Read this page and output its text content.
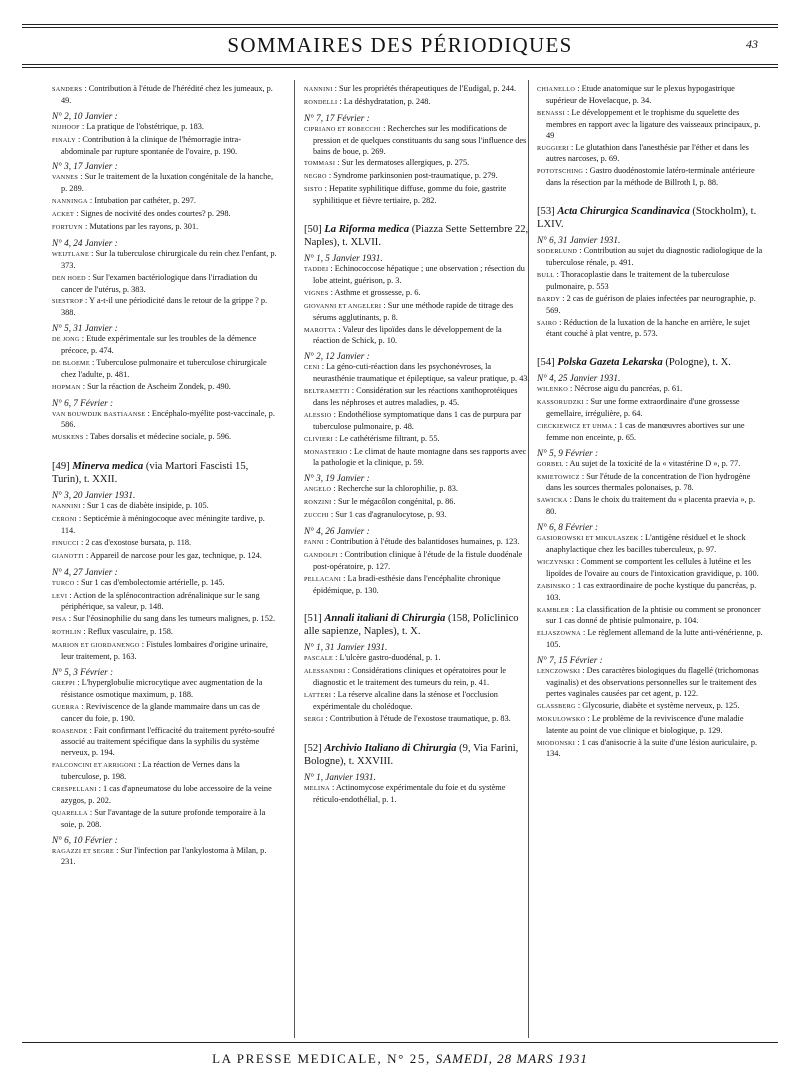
SOMMAIRES DES PÉRIODIQUES	43
SANDERS : Contribution à l'étude de l'hérédité chez les jumeaux, p. 49.
N° 2, 10 Janvier :
NIJHOOF : La pratique de l'obstétrique, p. 183.
FINALY : Contribution à la clinique de l'hémorragie intra-abdominale par rupture spontanée de l'ovaire, p. 190.
N° 3, 17 Janvier :
VANNES : Sur le traitement de la luxation congénitale de la hanche, p. 289.
NANNINGA : Intubation par cathéter, p. 297.
ACKET : Signes de nocivité des ondes courtes? p. 298.
FORTUYN : Mutations par les rayons, p. 301.
N° 4, 24 Janvier :
WEIJTLANE : Sur la tuberculose chirurgicale du rein chez l'enfant, p. 373.
DEN HOED : Sur l'examen bactériologique dans l'irradiation du cancer de l'utérus, p. 383.
SIESTROP : Y a-t-il une périodicité dans le retour de la grippe ? p. 388.
N° 5, 31 Janvier :
DE JONG : Etude expérimentale sur les troubles de la démence précoce, p. 474.
DE BLOEME : Tuberculose pulmonaire et tuberculose chirurgicale chez l'adulte, p. 481.
HOPMAN : Sur la réaction de Ascheim Zondek, p. 490.
N° 6, 7 Février :
VAN BOUWDIJK BASTIAANSE : Encéphalo-myélite post-vaccinale, p. 586.
MUSKENS : Tabes dorsalis et médecine sociale, p. 596.
[49] Minerva medica (via Martori Fascisti 15, Turin), t. XXII.
N° 3, 20 Janvier 1931.
NANNINI : Sur 1 cas de diabète insipide, p. 105.
CERONI : Septicémie à méningocoque avec méningite tardive, p. 114.
FINUCCI : 2 cas d'exostose bursata, p. 118.
GIANOTTI : Appareil de narcose pour les gaz, technique, p. 124.
N° 4, 27 Janvier :
TURCO : Sur 1 cas d'embolectomie artérielle, p. 145.
LEVI : Action de la splénocontraction adrénalinique sur le sang périphérique, sa valeur, p. 148.
PISA : Sur l'éosinophilie du sang dans les tumeurs malignes, p. 152.
ROTHLIN : Reflux vasculaire, p. 158.
MARION ET GIORDANENGO : Fistules lombaires d'origine urinaire, leur traitement, p. 163.
N° 5, 3 Février :
GREPPI : L'hyperglobulie microcytique avec augmentation de la résistance osmotique maximum, p. 188.
GUERRA : Reviviscence de la glande mammaire dans un cas de cancer du foie, p. 190.
ROASENDE : Fait confirmant l'efficacité du traitement pyréto-soufré associé au traitement spécifique dans la syphilis du système nerveux, p. 194.
FALCONCINI ET ARRIGONI : La réaction de Vernes dans la tuberculose, p. 198.
CRESPELLANI : 1 cas d'apneumatose du lobe accessoire de la veine azygos, p. 202.
QUARELLA : Sur l'avantage de la suture profonde temporaire à la soie, p. 208.
N° 6, 10 Février :
RAGAZZI ET SEGRE : Sur l'infection par l'ankylostoma à Milan, p. 231.
NANNINI : Sur les propriétés thérapeutiques de l'Eudigal, p. 244.
RONDELLI : La déshydratation, p. 248.
N° 7, 17 Février :
CIPRIANO ET ROBECCHI : Recherches sur les modifications de pression et de quelques constituants du sang sous l'influence des bains de boue, p. 269.
TOMMASI : Sur les dermatoses allergiques, p. 275.
NEGRO : Syndrome parkinsonien post-traumatique, p. 279.
SISTO : Hepatite syphilitique diffuse, gomme du foie, gastrite syphilitique et fièvre tertiaire, p. 282.
[50] La Riforma medica (Piazza Sette Settembre 22, Naples), t. XLVII.
N° 1, 5 Janvier 1931.
TADDEI : Echinococcose hépatique ; une observation ; résection du lobe atteint, guérison, p. 3.
VIGNES : Asthme et grossesse, p. 6.
GIOVANNI ET ANGELERI : Sur une méthode rapide de titrage des sérums agglutinants, p. 8.
MAROTTA : Valeur des lipoïdes dans le développement de la réaction de Schick, p. 10.
N° 2, 12 Janvier :
CENI : La géno-cuti-réaction dans les psychonévroses, la neurasthénie traumatique et épileptique, sa valeur pratique, p. 43.
BELTRAMETTI : Considération sur les réactions xanthoprotéiques dans les néphroses et autres maladies, p. 45.
ALESSIO : Endothéliose symptomatique dans 1 cas de purpura par tuberculose pulmonaire, p. 48.
CLIVIERI : Le cathétérisme filtrant, p. 55.
MONASTERIO : Le climat de haute montagne dans ses rapports avec la pathologie et la clinique, p. 59.
N° 3, 19 Janvier :
ANGELO : Recherche sur la chlorophilie, p. 83.
RONZINI : Sur le mégacôlon congénital, p. 86.
ZUCCHI : Sur 1 cas d'agranulocytose, p. 93.
N° 4, 26 Janvier :
FANNI : Contribution à l'étude des balantidoses humaines, p. 123.
GANDOLFI : Contribution clinique à l'étude de la fistule duodénale post-opératoire, p. 127.
PELLACANI : La bradi-esthésie dans l'encéphalite chronique épidémique, p. 130.
[51] Annali italiani di Chirurgia (158, Policlinico alle sapienze, Naples), t. X.
N° 1, 31 Janvier 1931.
PASCALE : L'ulcère gastro-duodénal, p. 1.
ALESSANDRI : Considérations cliniques et opératoires pour le diagnostic et le traitement des tumeurs du rein, p. 41.
LATTERI : La réserve alcaline dans la sténose et l'occlusion expérimentale du cholédoque.
SERGI : Contribution à l'étude de l'exostose traumatique, p. 83.
[52] Archivio Italiano di Chirurgia (9, Via Farini, Bologne), t. XXVIII.
N° 1, Janvier 1931.
MELINA : Actinomycose expérimentale du foie et du système réticulo-endothélial, p. 1.
CHIANELLO : Etude anatomique sur le plexus hypogastrique supérieur de Hovelacque, p. 34.
BENASSI : Le développement et le trophisme du squelette des membres en rapport avec la ligature des vaisseaux principaux, p. 49
RUGGIERI : Le glutathion dans l'anesthésie par l'éther et dans les autres narcoses, p. 69.
POTOTSCHING : Gastro duodénostomie latéro-terminale antérieure dans la résection par la méthode de Billroth I, p. 88.
[53] Acta Chirurgica Scandinavica (Stockholm), t. LXIV.
N° 6, 31 Janvier 1931.
SODERLUND : Contribution au sujet du diagnostic radiologique de la tuberculose rénale, p. 491.
BULL : Thoracoplastie dans le traitement de la tuberculose pulmonaire, p. 553
BARDY : 2 cas de guérison de plaies infectées par neurographie, p. 569.
SAIRO : Réduction de la luxation de la hanche en arrière, le sujet étant couché à plat ventre, p. 573.
[54] Polska Gazeta Lekarska (Pologne), t. X.
N° 4, 25 Janvier 1931.
WILENKO : Nécrose aigu du pancréas, p. 61.
KASSORUDZKI : Sur une forme extraordinaire d'une grossesse gemellaire, irrégulière, p. 64.
CIECKIEWICZ ET UHMA : 1 cas de manœuvres abortives sur une femme non enceinte, p. 65.
N° 5, 9 Février :
GORBEL : Au sujet de la toxicité de la « vitastérine D », p. 77.
KMIETOWICZ : Sur l'étude de la concentration de l'ion hydrogène dans les sources thermales polonaises, p. 78.
SAWICKA : Dans le choix du traitement du « placenta praevia », p. 80.
N° 6, 8 Février :
GASIOROWSKI ET MIKULASZEK : L'antigène résiduel et le shock anaphylactique chez les bacilles tuberculeux, p. 97.
WICZYNSKI : Comment se comportent les cellules à lutéine et les lipoïdes de l'ovaire au cours de l'intoxication gravidique, p. 100.
ZABINSKO : 1 cas extraordinaire de poche kystique du pancréas, p. 103.
KAMBLER : La classification de la phtisie ou comment se prononcer sur 1 cas donné de phtisie pulmonaire, p. 104.
ELJASZOWNA : Le règlement allemand de la lutte anti-vénérienne, p. 105.
N° 7, 15 Février :
LENCZOWSKI : Des caractères biologiques du flagellé (trichomonas vaginalis) et des observations personnelles sur le traitement des pertes vaginales causées par cet agent, p. 122.
GLASSBERG : Glycosurie, diabète et système nerveux, p. 125.
MOKULOWSKO : Le problème de la reviviscence d'une maladie latente au point de vue clinique et biologique, p. 129.
MIODONSKI : 1 cas d'anisocrie à la suite d'une lésion auriculaire, p. 134.
LA PRESSE MEDICALE, N° 25, SAMEDI, 28 MARS 1931
